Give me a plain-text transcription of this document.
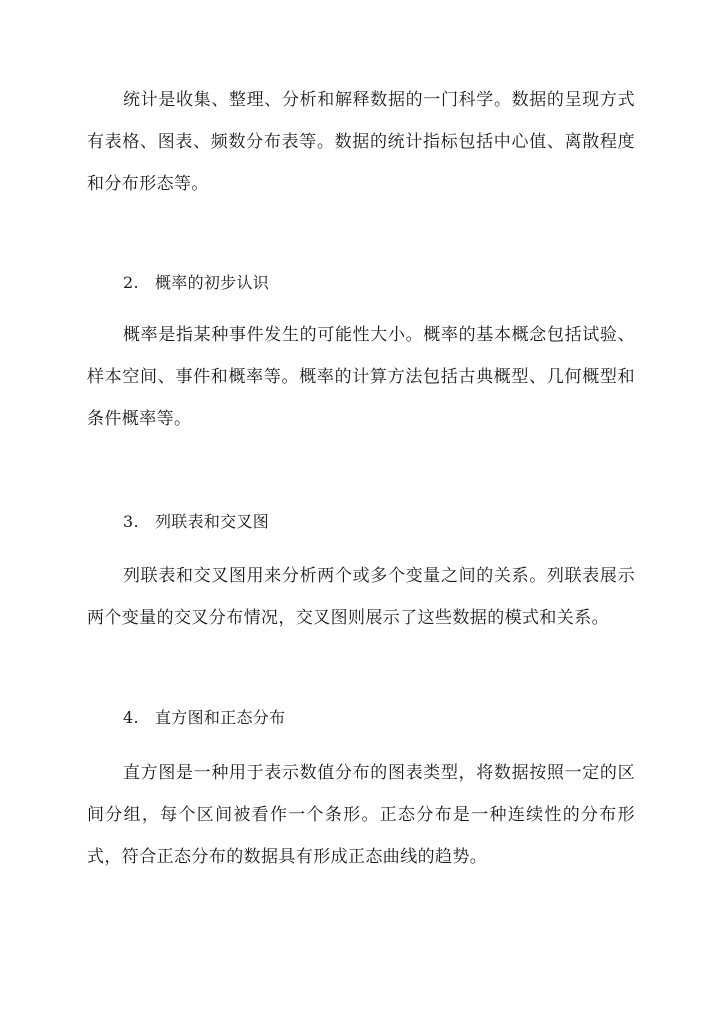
统计是收集、整理、分析和解释数据的一门科学。数据的呈现方式有表格、图表、频数分布表等。数据的统计指标包括中心值、离散程度和分布形态等。

2. 概率的初步认识

概率是指某种事件发生的可能性大小。概率的基本概念包括试验、样本空间、事件和概率等。概率的计算方法包括古典概型、几何概型和条件概率等。

3. 列联表和交叉图

列联表和交叉图用来分析两个或多个变量之间的关系。列联表展示两个变量的交叉分布情况，交叉图则展示了这些数据的模式和关系。

4. 直方图和正态分布

直方图是一种用于表示数值分布的图表类型，将数据按照一定的区间分组，每个区间被看作一个条形。正态分布是一种连续性的分布形式，符合正态分布的数据具有形成正态曲线的趋势。
